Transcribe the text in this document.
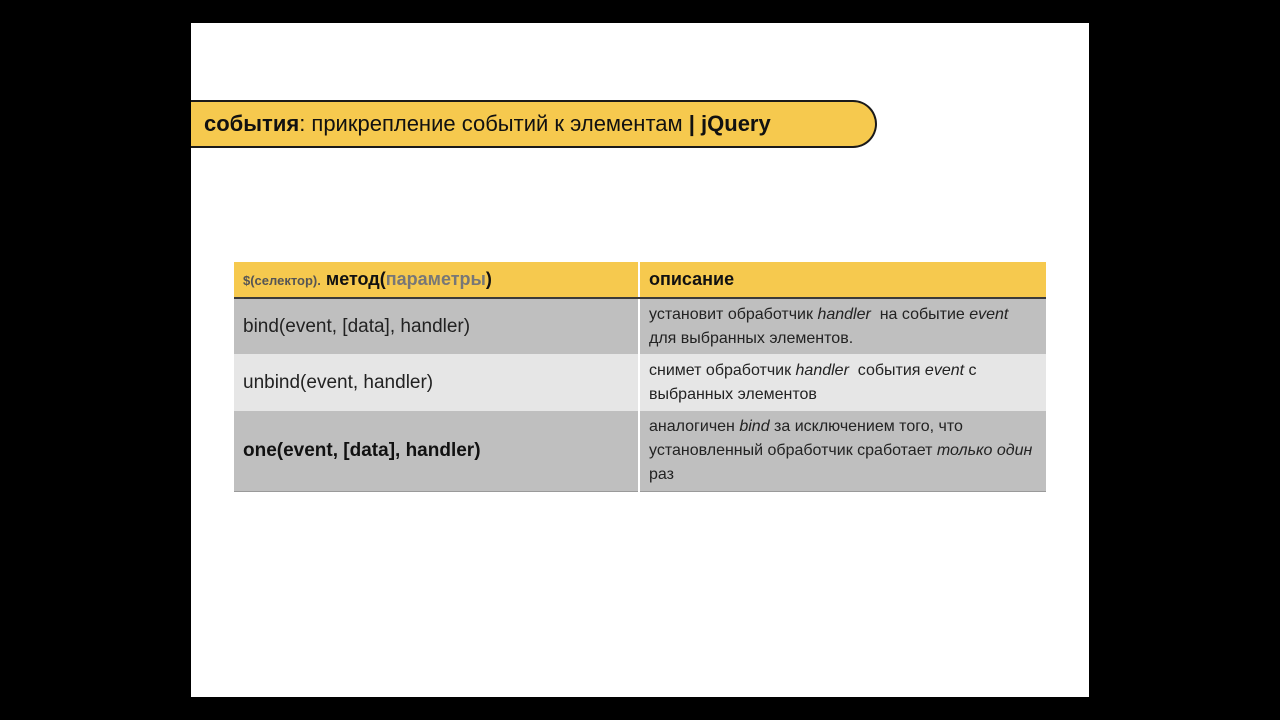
события : прикрепление событий к элементам | jQuery
$(селектор). метод(параметры)	описание
bind(event, [data], handler)	установит обработчик handler  на событие event для выбранных элементов.
unbind(event, handler)	снимет обработчик handler  события event с выбранных элементов
one(event, [data], handler)	аналогичен bind за исключением того, что установленный обработчик сработает только один раз
